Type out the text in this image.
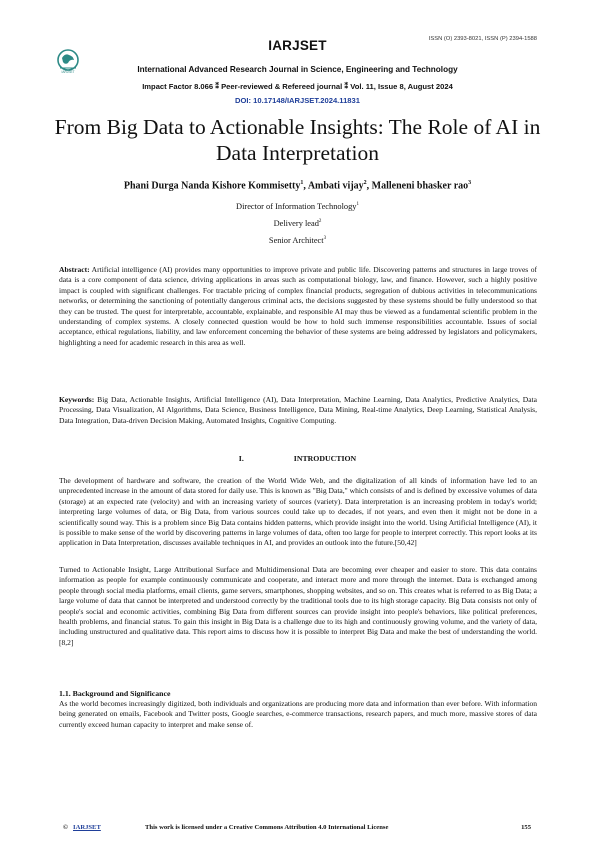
ISSN (O) 2393-8021, ISSN (P) 2394-1588
IARJSET
IARJSET
International Advanced Research Journal in Science, Engineering and Technology
Impact Factor 8.066 ⁑ Peer-reviewed & Refereed journal ⁑ Vol. 11, Issue 8, August 2024
DOI: 10.17148/IARJSET.2024.11831
From Big Data to Actionable Insights: The Role of AI in Data Interpretation
Phani Durga Nanda Kishore Kommisetty$^1$, Ambati vijay$^2$, Malleneni bhasker rao$^3$
Director of Information Technology$^1$
Delivery lead$^2$
Senior Architect$^3$
Abstract: Artificial intelligence (AI) provides many opportunities to improve private and public life. Discovering patterns and structures in large troves of data is a core component of data science, driving applications in areas such as computational biology, law, and finance. However, such a highly positive impact is coupled with significant challenges. For tractable pricing of complex financial products, segregation of dubious activities in telecommunications networks, or determining the sanctioning of potentially dangerous criminal acts, the decisions suggested by these systems should be fully understood so that they can be trusted. The quest for interpretable, accountable, explainable, and responsible AI may thus be viewed as a fundamental scientific problem in the understanding of complex systems. A closely connected question would be how to hold such immense responsibilities accountable. Issues of social acceptance, ethical regulations, liability, and law enforcement concerning the behavior of these systems are being addressed by legislators and policymakers, highlighting a need for academic research in this area as well.
Keywords: Big Data, Actionable Insights, Artificial Intelligence (AI), Data Interpretation, Machine Learning, Data Analytics, Predictive Analytics, Data Processing, Data Visualization, AI Algorithms, Data Science, Business Intelligence, Data Mining, Real-time Analytics, Deep Learning, Statistical Analysis, Data Integration, Data-driven Decision Making, Automated Insights, Cognitive Computing.
I.	INTRODUCTION
The development of hardware and software, the creation of the World Wide Web, and the digitalization of all kinds of information have led to an unprecedented increase in the amount of data stored for daily use. This is known as "Big Data," which consists of and is defined by excessive volumes of data (storage) at an expected rate (velocity) and with an increasing variety of sources (variety). Data interpretation is an increasing problem in today's world; interpreting large volumes of data, or Big Data, from various sources could take up to decades, if not years, and even then it might not be done in a scientifically sound way. This is a problem since Big Data contains hidden patterns, which provide insight into the world. Using Artificial Intelligence (AI), it is possible to make sense of the world by discovering patterns in large volumes of data, often too large for people to interpret correctly. This report looks at its application in Data Interpretation, discusses available techniques in AI, and provides an outlook into the future.[50,42]
Turned to Actionable Insight, Large Attributional Surface and Multidimensional Data are becoming ever cheaper and easier to store. This data contains information as people for example continuously communicate and cooperate, and interact more and more through the internet. Data is exchanged among people through social media platforms, email clients, game servers, smartphones, shopping websites, and so on. This creates what is referred to as Big Data; a large volume of data that cannot be interpreted and understood correctly by the traditional tools due to its high storage capacity. Big Data consists not only of people's social and economic activities, combining Big Data from different sources can provide insight into people's behaviors, like political preferences, health problems, and financial status. To gain this insight in Big Data is a challenge due to its high and continuously growing volume, and the variety of data, including unstructured and qualitative data. This report aims to discuss how it is possible to interpret Big Data and make the best of understanding the world.[8,2]
1.1. Background and Significance
As the world becomes increasingly digitized, both individuals and organizations are producing more data and information than ever before. With information being generated on emails, Facebook and Twitter posts, Google searches, e-commerce transactions, research papers, and much more, massive stores of data currently exceed human capacity to interpret and make sense of.
© IARJSET	This work is licensed under a Creative Commons Attribution 4.0 International License	155
